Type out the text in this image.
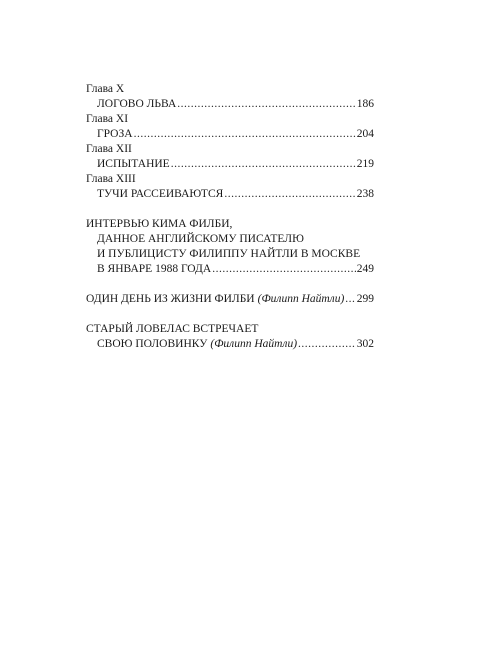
Глава X
ЛОГОВО ЛЬВА .....	186
Глава XI
ГРОЗА .....	204
Глава XII
ИСПЫТАНИЕ .....	219
Глава XIII
ТУЧИ РАССЕИВАЮТСЯ .....	238
ИНТЕРВЬЮ КИМА ФИЛБИ,
ДАННОЕ АНГЛИЙСКОМУ ПИСАТЕЛЮ
И ПУБЛИЦИСТУ ФИЛИППУ НАЙТЛИ В МОСКВЕ
В ЯНВАРЕ 1988 ГОДА .....	249
ОДИН ДЕНЬ ИЗ ЖИЗНИ ФИЛБИ (Филипп Найтли) ..... 299
СТАРЫЙ ЛОВЕЛАС ВСТРЕЧАЕТ
СВОЮ ПОЛОВИНКУ (Филипп Найтли) .....	302
